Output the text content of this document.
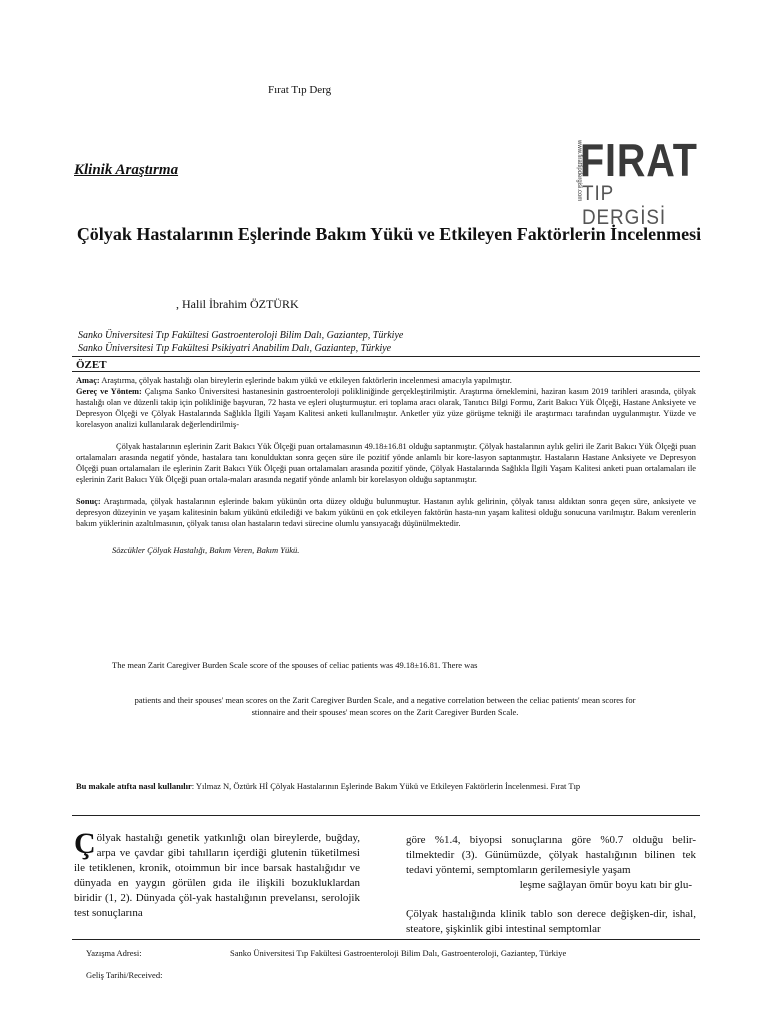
Fırat Tıp Derg
Klinik Araştırma	www.firattipdergisi.com
FIRAT
TIP DERGİSİ
Çölyak Hastalarının Eşlerinde Bakım Yükü ve Etkileyen Faktörlerin İncelenmesi
, Halil İbrahim ÖZTÜRK
Sanko Üniversitesi Tıp Fakültesi Gastroenteroloji Bilim Dalı, Gaziantep, Türkiye
Sanko Üniversitesi Tıp Fakültesi Psikiyatri Anabilim Dalı, Gaziantep, Türkiye
ÖZET
Amaç: Araştırma, çölyak hastalığı olan bireylerin eşlerinde bakım yükü ve etkileyen faktörlerin incelenmesi amacıyla yapılmıştır.
Gereç ve Yöntem: Çalışma Sanko Üniversitesi hastanesinin gastroenteroloji polikliniğinde gerçekleştirilmiştir. Araştırma örneklemini, haziran kasım 2019 tarihleri arasında, çölyak hastalığı olan ve düzenli takip için polikliniğe başvuran, 72 hasta ve eşleri oluşturmuştur. eri toplama aracı olarak, Tanıtıcı Bilgi Formu, Zarit Bakıcı Yük Ölçeği, Hastane Anksiyete ve Depresyon Ölçeği ve Çölyak Hastalarında Sağlıkla İlgili Yaşam Kalitesi anketi kullanılmıştır. Anketler yüz yüze görüşme tekniği ile araştırmacı tarafından uygulanmıştır. Yüzde ve korelasyon analizi kullanılarak değerlendirilmiş-
Çölyak hastalarının eşlerinin Zarit Bakıcı Yük Ölçeği puan ortalamasının 49.18±16.81 olduğu saptanmıştır. Çölyak hastalarının aylık geliri ile Zarit Bakıcı Yük Ölçeği puan ortalamaları arasında negatif yönde, hastalara tanı konulduktan sonra geçen süre ile pozitif yönde anlamlı bir kore-lasyon saptanmıştır. Hastaların Hastane Anksiyete ve Depresyon Ölçeği puan ortalamaları ile eşlerinin Zarit Bakıcı Yük Ölçeği puan ortalamaları arasında pozitif yönde, Çölyak Hastalarında Sağlıkla İlgili Yaşam Kalitesi anketi puan ortalamaları ile eşlerinin Zarit Bakıcı Yük Ölçeği puan ortala-maları arasında negatif yönde anlamlı bir korelasyon olduğu saptanmıştır.
Sonuç: Araştırmada, çölyak hastalarının eşlerinde bakım yükünün orta düzey olduğu bulunmuştur. Hastanın aylık gelirinin, çölyak tanısı aldıktan sonra geçen süre, anksiyete ve depresyon düzeyinin ve yaşam kalitesinin bakım yükünü etkilediği ve bakım yükünü en çok etkileyen faktörün hasta-nın yaşam kalitesi olduğu sonucuna varılmıştır. Bakım verenlerin bakım yüklerinin azaltılmasının, çölyak tanısı olan hastaların tedavi sürecine olumlu yansıyacağı düşünülmektedir.
Sözcükler Çölyak Hastalığı, Bakım Veren, Bakım Yükü.
The mean Zarit Caregiver Burden Scale score of the spouses of celiac patients was 49.18±16.81. There was
patients and their spouses' mean scores on the Zarit Caregiver Burden Scale, and a negative correlation between the celiac patients' mean scores for
stionnaire and their spouses' mean scores on the Zarit Caregiver Burden Scale.
Bu makale atıfta nasıl kullanılır: Yılmaz N, Öztürk Hİ Çölyak Hastalarının Eşlerinde Bakım Yükü ve Etkileyen Faktörlerin İncelenmesi. Fırat Tıp
Çölyak hastalığı genetik yatkınlığı olan bireylerde, buğday, arpa ve çavdar gibi tahılların içerdiği glutenin tüketilmesi ile tetiklenen, kronik, otoimmun bir ince barsak hastalığıdır ve dünyada en yaygın görülen gıda ile ilişkili bozukluklardan biridir (1, 2). Dünyada çöl-yak hastalığının prevelansı, serolojik test sonuçlarına
göre %1.4, biyopsi sonuçlarına göre %0.7 olduğu belir-tilmektedir (3). Günümüzde, çölyak hastalığının bilinen tek tedavi yöntemi, semptomların gerilemesiyle yaşam
leşme sağlayan ömür boyu katı bir glu-
Çölyak hastalığında klinik tablo son derece değişken-dir, ishal, steatore, şişkinlik gibi intestinal semptomlar
Yazışma Adresi:	Sanko Üniversitesi Tıp Fakültesi Gastroenteroloji Bilim Dalı, Gastroenteroloji, Gaziantep, Türkiye
Geliş Tarihi/Received:
